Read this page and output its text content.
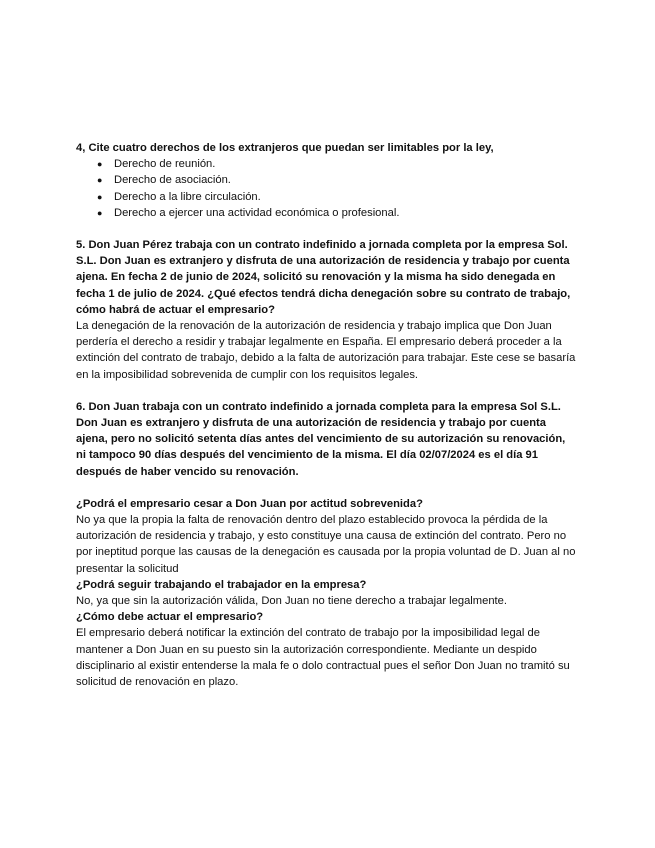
4, Cite cuatro derechos de los extranjeros que puedan ser limitables por la ley,

● Derecho de reunión.
● Derecho de asociación.
● Derecho a la libre circulación.
● Derecho a ejercer una actividad económica o profesional.

5. Don Juan Pérez trabaja con un contrato indefinido a jornada completa por la empresa Sol. S.L. Don Juan es extranjero y disfruta de una autorización de residencia y trabajo por cuenta ajena. En fecha 2 de junio de 2024, solicitó su renovación y la misma ha sido denegada en fecha 1 de julio de 2024. ¿Qué efectos tendrá dicha denegación sobre su contrato de trabajo, cómo habrá de actuar el empresario?

La denegación de la renovación de la autorización de residencia y trabajo implica que Don Juan perdería el derecho a residir y trabajar legalmente en España. El empresario deberá proceder a la extinción del contrato de trabajo, debido a la falta de autorización para trabajar. Este cese se basaría en la imposibilidad sobrevenida de cumplir con los requisitos legales.

6. Don Juan trabaja con un contrato indefinido a jornada completa para la empresa Sol S.L. Don Juan es extranjero y disfruta de una autorización de residencia y trabajo por cuenta ajena, pero no solicitó setenta días antes del vencimiento de su autorización su renovación, ni tampoco 90 días después del vencimiento de la misma. El día 02/07/2024 es el día 91 después de haber vencido su renovación.

¿Podrá el empresario cesar a Don Juan por actitud sobrevenida?

No ya que la propia la falta de renovación dentro del plazo establecido provoca la pérdida de la autorización de residencia y trabajo, y esto constituye una causa de extinción del contrato. Pero no por ineptitud porque las causas de la denegación es causada por la propia voluntad de D. Juan al no presentar la solicitud

¿Podrá seguir trabajando el trabajador en la empresa?

No, ya que sin la autorización válida, Don Juan no tiene derecho a trabajar legalmente.

¿Cómo debe actuar el empresario?

El empresario deberá notificar la extinción del contrato de trabajo por la imposibilidad legal de mantener a Don Juan en su puesto sin la autorización correspondiente. Mediante un despido disciplinario al existir entenderse la mala fe o dolo contractual pues el señor Don Juan no tramitó su solicitud de renovación en plazo.
